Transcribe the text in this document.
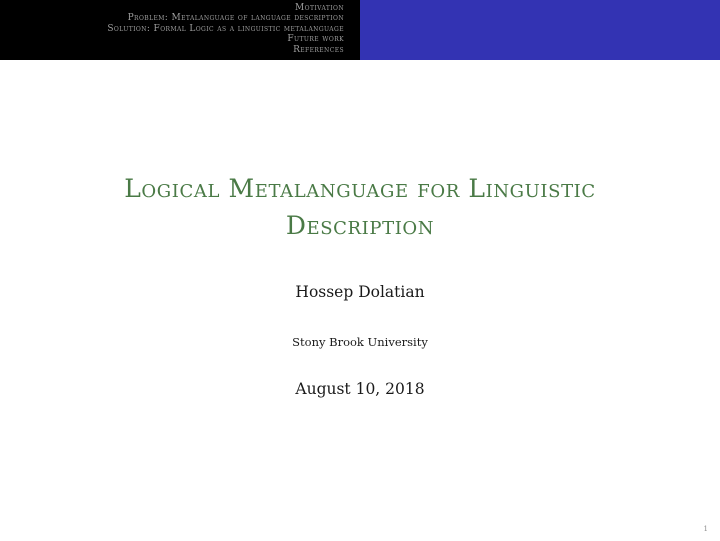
Motivation
Problem: Metalanguage of language description
Solution: Formal Logic as a linguistic metalanguage
Future work
References
Logical Metalanguage for Linguistic
Description
Hossep Dolatian
Stony Brook University
August 10, 2018
1
